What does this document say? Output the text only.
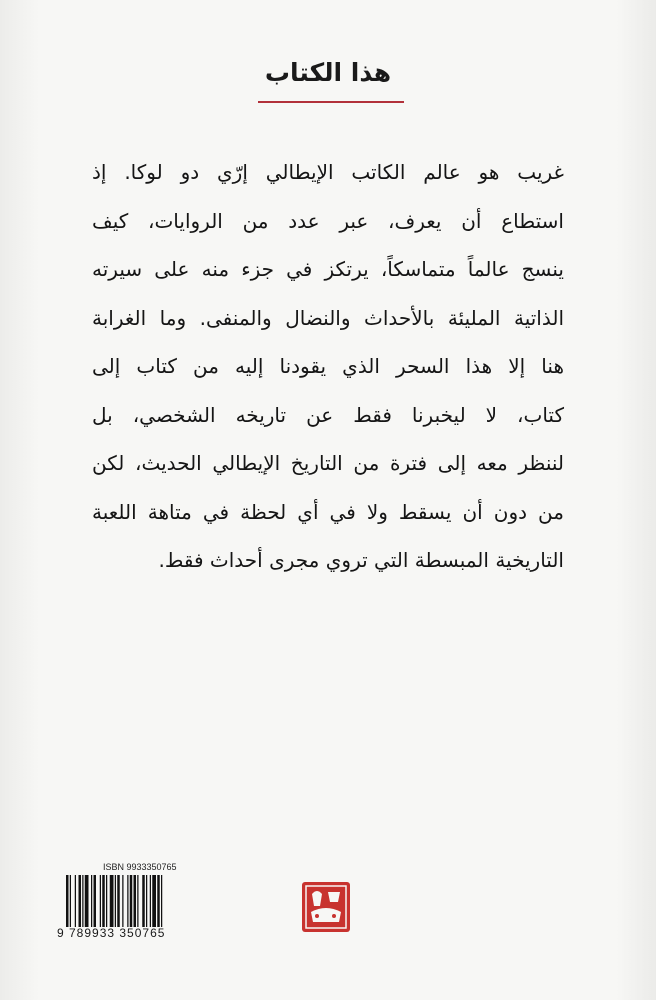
هذا الكتاب
غريب هو عالم الكاتب الإيطالي إرّي دو لوكا. إذ
استطاع أن يعرف، عبر عدد من الروايات، كيف
ينسج عالماً متماسكاً، يرتكز في جزء منه على سيرته
الذاتية المليئة بالأحداث والنضال والمنفى. وما الغرابة
هنا إلا هذا السحر الذي يقودنا إليه من كتاب إلى
كتاب، لا ليخبرنا فقط عن تاريخه الشخصي، بل
لننظر معه إلى فترة من التاريخ الإيطالي الحديث، لكن
من دون أن يسقط ولا في أي لحظة في متاهة اللعبة
التاريخية المبسطة التي تروي مجرى أحداث فقط.
ISBN 9933350765
9 789933 350765
